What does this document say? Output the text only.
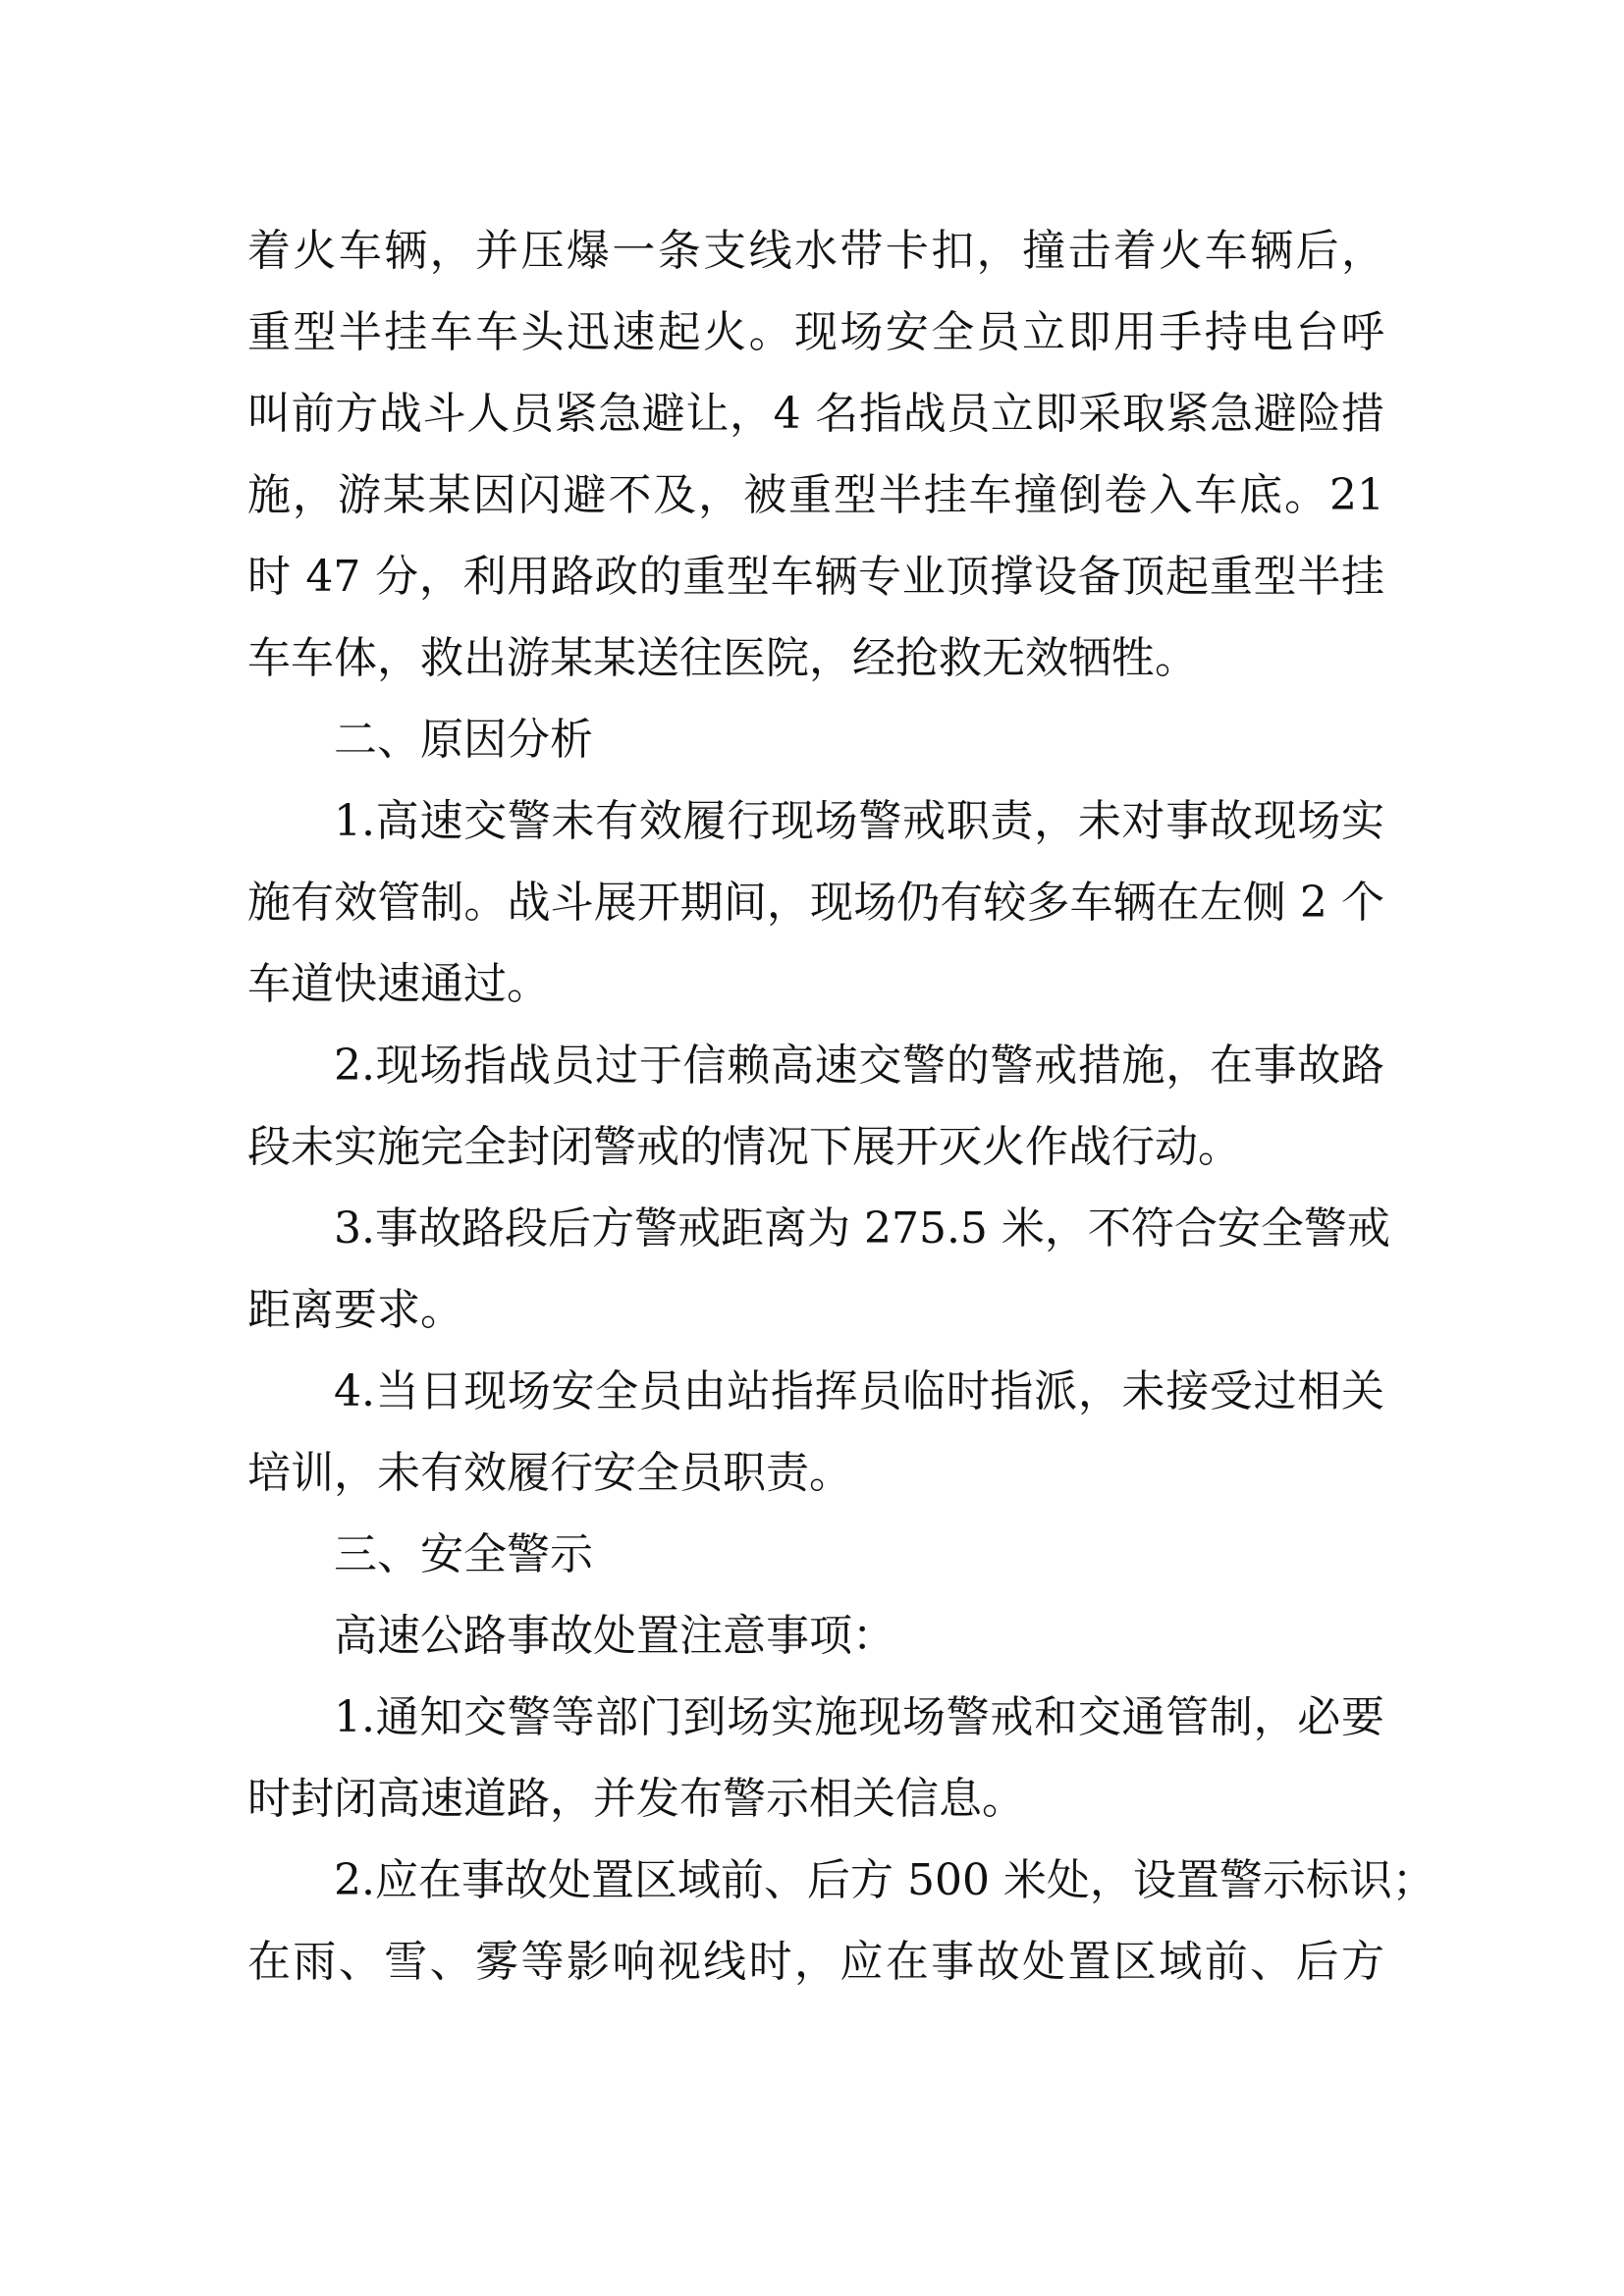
着火车辆，并压爆一条支线水带卡扣，撞击着火车辆后，
重型半挂车车头迅速起火。现场安全员立即用手持电台呼
叫前方战斗人员紧急避让，4 名指战员立即采取紧急避险措
施，游某某因闪避不及，被重型半挂车撞倒卷入车底。21
时 47 分，利用路政的重型车辆专业顶撑设备顶起重型半挂
车车体，救出游某某送往医院，经抢救无效牺牲。
二、原因分析
1.高速交警未有效履行现场警戒职责，未对事故现场实
施有效管制。战斗展开期间，现场仍有较多车辆在左侧 2 个
车道快速通过。
2.现场指战员过于信赖高速交警的警戒措施，在事故路
段未实施完全封闭警戒的情况下展开灭火作战行动。
3.事故路段后方警戒距离为 275.5 米，不符合安全警戒
距离要求。
4.当日现场安全员由站指挥员临时指派，未接受过相关
培训，未有效履行安全员职责。
三、安全警示
高速公路事故处置注意事项：
1.通知交警等部门到场实施现场警戒和交通管制，必要
时封闭高速道路，并发布警示相关信息。
2.应在事故处置区域前、后方 500 米处，设置警示标识；
在雨、雪、雾等影响视线时，应在事故处置区域前、后方
